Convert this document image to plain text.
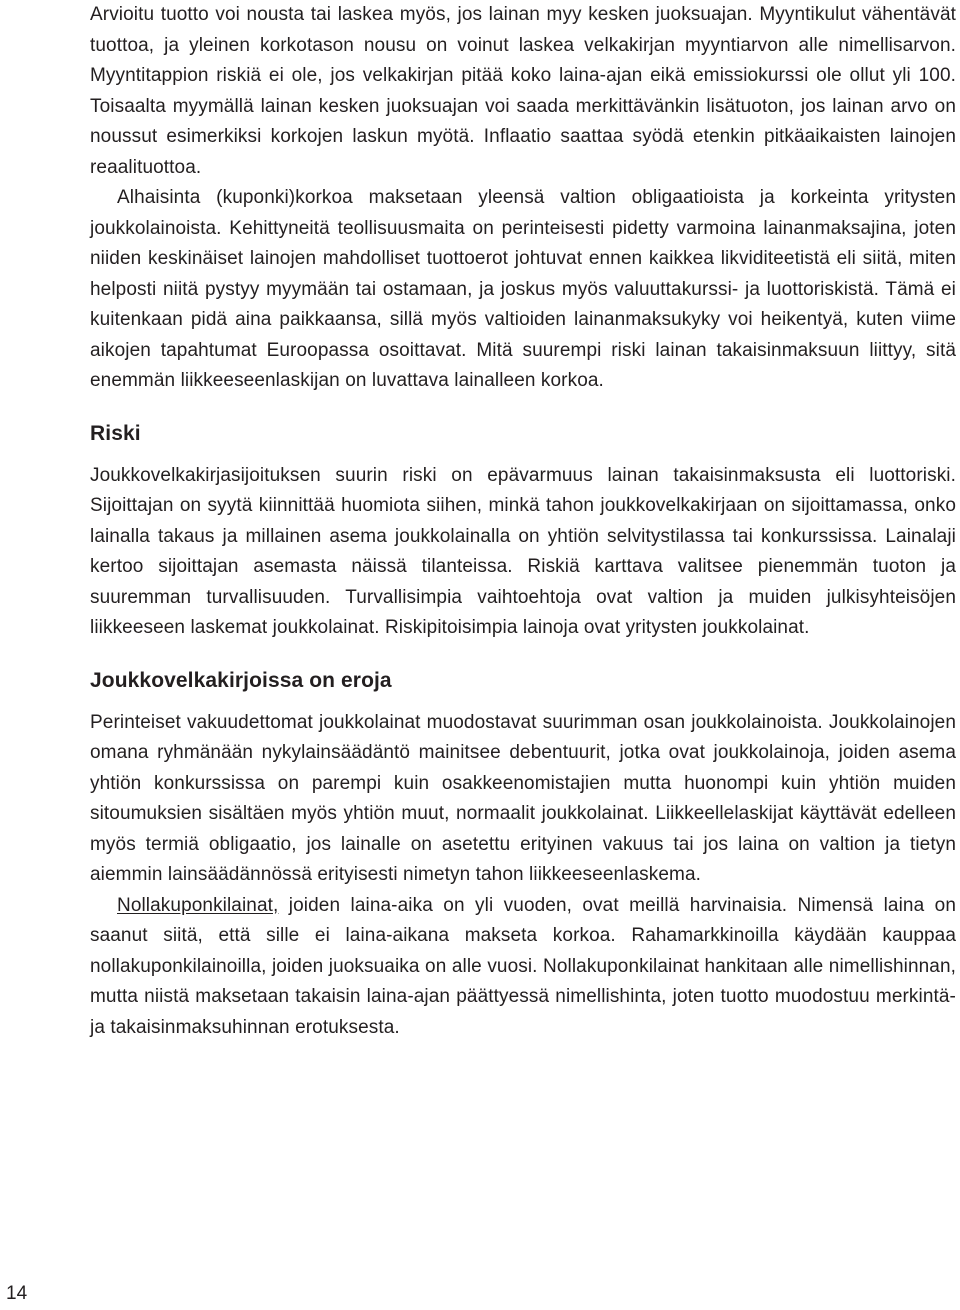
Arvioitu tuotto voi nousta tai laskea myös, jos lainan myy kesken juoksuajan. Myyntikulut vähentävät tuottoa, ja yleinen korkotason nousu on voinut laskea velkakirjan myyntiarvon alle nimellisarvon. Myyntitappion riskiä ei ole, jos velkakirjan pitää koko laina-ajan eikä emissiokurssi ole ollut yli 100. Toisaalta myymällä lainan kesken juoksuajan voi saada merkittävänkin lisätuoton, jos lainan arvo on noussut esimerkiksi korkojen laskun myötä. Inflaatio saattaa syödä etenkin pitkäaikaisten lainojen reaalituottoa.

Alhaisinta (kuponki)korkoa maksetaan yleensä valtion obligaatioista ja korkeinta yritysten joukkolainoista. Kehittyneitä teollisuusmaita on perinteisesti pidetty varmoina lainanmaksajina, joten niiden keskinäiset lainojen mahdolliset tuottoerot johtuvat ennen kaikkea likviditeetistä eli siitä, miten helposti niitä pystyy myymään tai ostamaan, ja joskus myös valuuttakurssi- ja luottoriskistä. Tämä ei kuitenkaan pidä aina paikkaansa, sillä myös valtioiden lainanmaksukyky voi heikentyä, kuten viime aikojen tapahtumat Euroopassa osoittavat. Mitä suurempi riski lainan takaisinmaksuun liittyy, sitä enemmän liikkeeseenlaskijan on luvattava lainalleen korkoa.

Riski

Joukkovelkakirjasijoituksen suurin riski on epävarmuus lainan takaisinmaksusta eli luottoriski. Sijoittajan on syytä kiinnittää huomiota siihen, minkä tahon joukkovelkakirjaan on sijoittamassa, onko lainalla takaus ja millainen asema joukkolainalla on yhtiön selvitystilassa tai konkurssissa. Lainalaji kertoo sijoittajan asemasta näissä tilanteissa. Riskiä karttava valitsee pienemmän tuoton ja suuremman turvallisuuden. Turvallisimpia vaihtoehtoja ovat valtion ja muiden julkisyhteisöjen liikkeeseen laskemat joukkolainat. Riskipitoisimpia lainoja ovat yritysten joukkolainat.

Joukkovelkakirjoissa on eroja

Perinteiset vakuudettomat joukkolainat muodostavat suurimman osan joukkolainoista. Joukkolainojen omana ryhmänään nykylainsäädäntö mainitsee debentuurit, jotka ovat joukkolainoja, joiden asema yhtiön konkurssissa on parempi kuin osakkeenomistajien mutta huonompi kuin yhtiön muiden sitoumuksien sisältäen myös yhtiön muut, normaalit joukkolainat. Liikkeellelaskijat käyttävät edelleen myös termiä obligaatio, jos lainalle on asetettu erityinen vakuus tai jos laina on valtion ja tietyn aiemmin lainsäädännössä erityisesti nimetyn tahon liikkeeseenlaskema.

Nollakuponkilainat, joiden laina-aika on yli vuoden, ovat meillä harvinaisia. Nimensä laina on saanut siitä, että sille ei laina-aikana makseta korkoa. Rahamarkkinoilla käydään kauppaa nollakuponkilainoilla, joiden juoksuaika on alle vuosi. Nollakuponkilainat hankitaan alle nimellishinnan, mutta niistä maksetaan takaisin laina-ajan päättyessä nimellishinta, joten tuotto muodostuu merkintä- ja takaisinmaksuhinnan erotuksesta.

14
